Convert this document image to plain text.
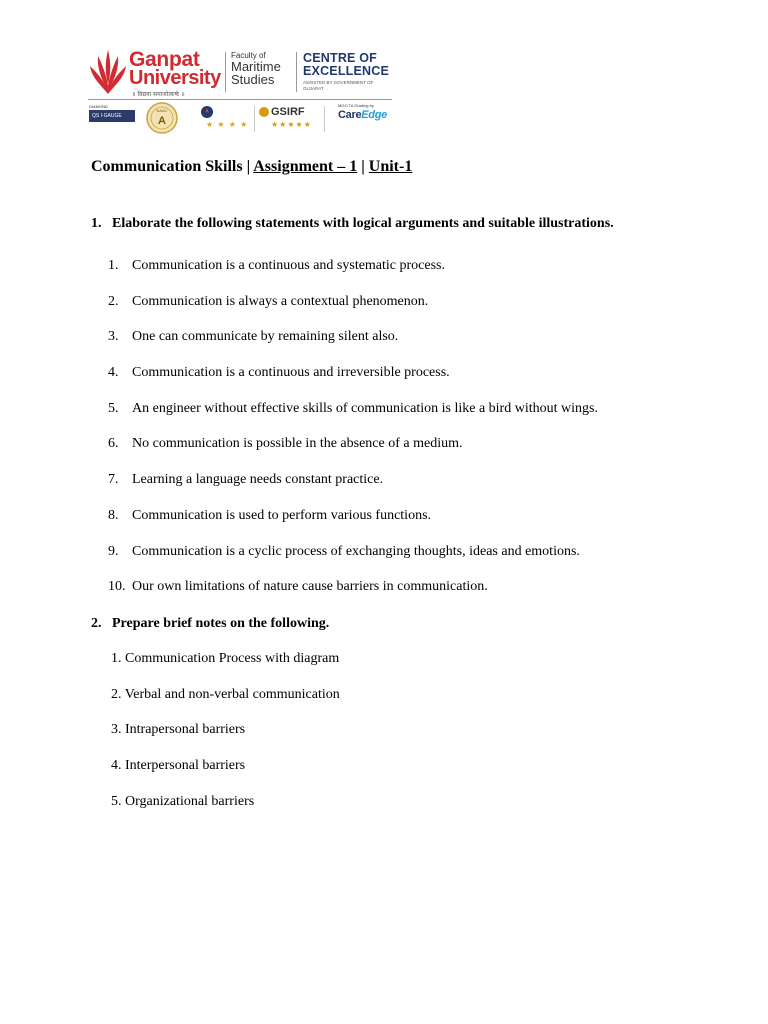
Ganpat
University
॥ विद्यया समाजोत्कर्षः ॥
Faculty of
Maritime
Studies
CENTRE OF
EXCELLENCE
ASSISTED BY GOVERNMENT OF GUJARAT
DIAMOND
QS I·GAUGE
NAAC
A	★ ★ ★ ★
GSIRF
★★★★★
MGO TA Grading by
CareEdge
Communication Skills | Assignment – 1 | Unit-1
1. Elaborate the following statements with logical arguments and suitable illustrations.
1. Communication is a continuous and systematic process.
2. Communication is always a contextual phenomenon.
3. One can communicate by remaining silent also.
4. Communication is a continuous and irreversible process.
5. An engineer without effective skills of communication is like a bird without wings.
6. No communication is possible in the absence of a medium.
7. Learning a language needs constant practice.
8. Communication is used to perform various functions.
9. Communication is a cyclic process of exchanging thoughts, ideas and emotions.
10. Our own limitations of nature cause barriers in communication.
2. Prepare brief notes on the following.
1. Communication Process with diagram
2. Verbal and non-verbal communication
3. Intrapersonal barriers
4. Interpersonal barriers
5. Organizational barriers
